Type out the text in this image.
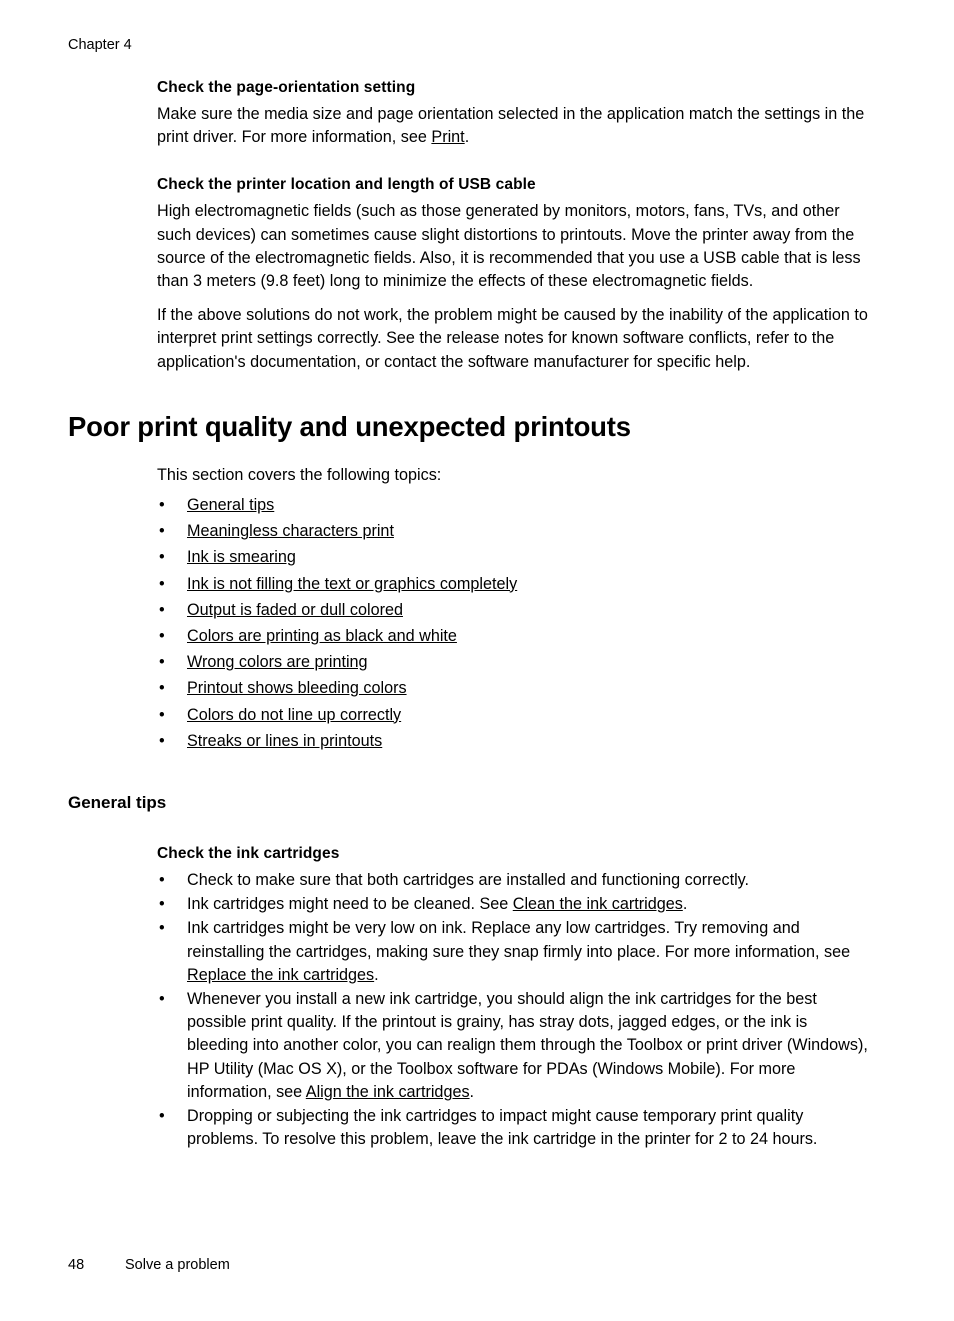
Chapter 4
Check the page-orientation setting

Make sure the media size and page orientation selected in the application match the settings in the print driver. For more information, see Print.

Check the printer location and length of USB cable

High electromagnetic fields (such as those generated by monitors, motors, fans, TVs, and other such devices) can sometimes cause slight distortions to printouts. Move the printer away from the source of the electromagnetic fields. Also, it is recommended that you use a USB cable that is less than 3 meters (9.8 feet) long to minimize the effects of these electromagnetic fields.

If the above solutions do not work, the problem might be caused by the inability of the application to interpret print settings correctly. See the release notes for known software conflicts, refer to the application's documentation, or contact the software manufacturer for specific help.

Poor print quality and unexpected printouts

This section covers the following topics:

• General tips
• Meaningless characters print
• Ink is smearing
• Ink is not filling the text or graphics completely
• Output is faded or dull colored
• Colors are printing as black and white
• Wrong colors are printing
• Printout shows bleeding colors
• Colors do not line up correctly
• Streaks or lines in printouts
General tips
Check the ink cartridges
• Check to make sure that both cartridges are installed and functioning correctly.
• Ink cartridges might need to be cleaned. See Clean the ink cartridges.
• Ink cartridges might be very low on ink. Replace any low cartridges. Try removing and reinstalling the cartridges, making sure they snap firmly into place. For more information, see Replace the ink cartridges.
• Whenever you install a new ink cartridge, you should align the ink cartridges for the best possible print quality. If the printout is grainy, has stray dots, jagged edges, or the ink is bleeding into another color, you can realign them through the Toolbox or print driver (Windows), HP Utility (Mac OS X), or the Toolbox software for PDAs (Windows Mobile). For more information, see Align the ink cartridges.
• Dropping or subjecting the ink cartridges to impact might cause temporary print quality problems. To resolve this problem, leave the ink cartridge in the printer for 2 to 24 hours.
48	Solve a problem
